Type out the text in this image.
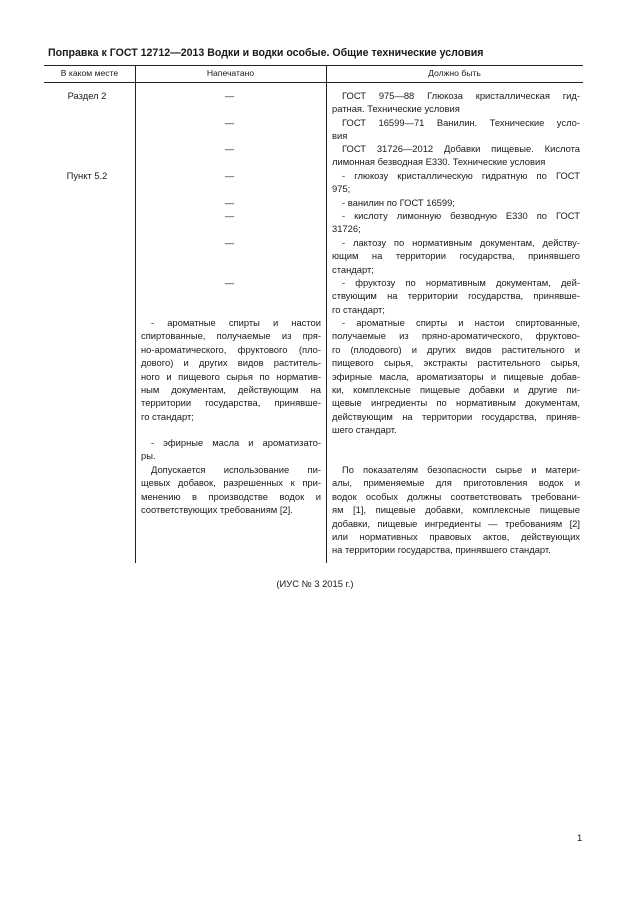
Поправка к ГОСТ 12712—2013 Водки и водки особые. Общие технические условия
В каком месте	Напечатано	Должно быть
Раздел 2
Пункт 5.2
—
—
—
—
—
—
—
—
ГОСТ 975—88 Глюкоза кристаллическая гид-
ратная. Технические условия
ГОСТ 16599—71 Ванилин. Технические усло-
вия
ГОСТ 31726—2012 Добавки пищевые. Кислота
лимонная безводная Е330. Технические условия
- глюкозу кристаллическую гидратную по ГОСТ
975;
- ванилин по ГОСТ 16599;
- кислоту лимонную безводную Е330 по ГОСТ
31726;
- лактозу по нормативным документам, действу-
ющим на территории государства, принявшего
стандарт;
- фруктозу по нормативным документам, дей-
ствующим на территории государства, принявше-
го стандарт;
- ароматные спирты и настои
спиртованные, получаемые из пря-
но-ароматического, фруктового (пло-
дового) и других видов раститель-
ного и пищевого сырья по норматив-
ным документам, действующим на
территории государства, принявше-
го стандарт;
- эфирные масла и ароматизато-
ры.
Допускается использование пи-
щевых добавок, разрешенных к при-
менению в производстве водок и
соответствующих требованиям [2].
- ароматные спирты и настои спиртованные,
получаемые из пряно-ароматического, фруктово-
го (плодового) и других видов растительного и
пищевого сырья, экстракты растительного сырья,
эфирные масла, ароматизаторы и пищевые добав-
ки, комплексные пищевые добавки и другие пи-
щевые ингредиенты по нормативным документам,
действующим на территории государства, приняв-
шего стандарт.
По показателям безопасности сырье и матери-
алы, применяемые для приготовления водок и
водок особых должны соответствовать требовани-
ям [1], пищевые добавки, комплексные пищевые
добавки, пищевые ингредиенты — требованиям [2]
или нормативных правовых актов, действующих
на территории государства, принявшего стандарт.
(ИУС № 3 2015 г.)
1
